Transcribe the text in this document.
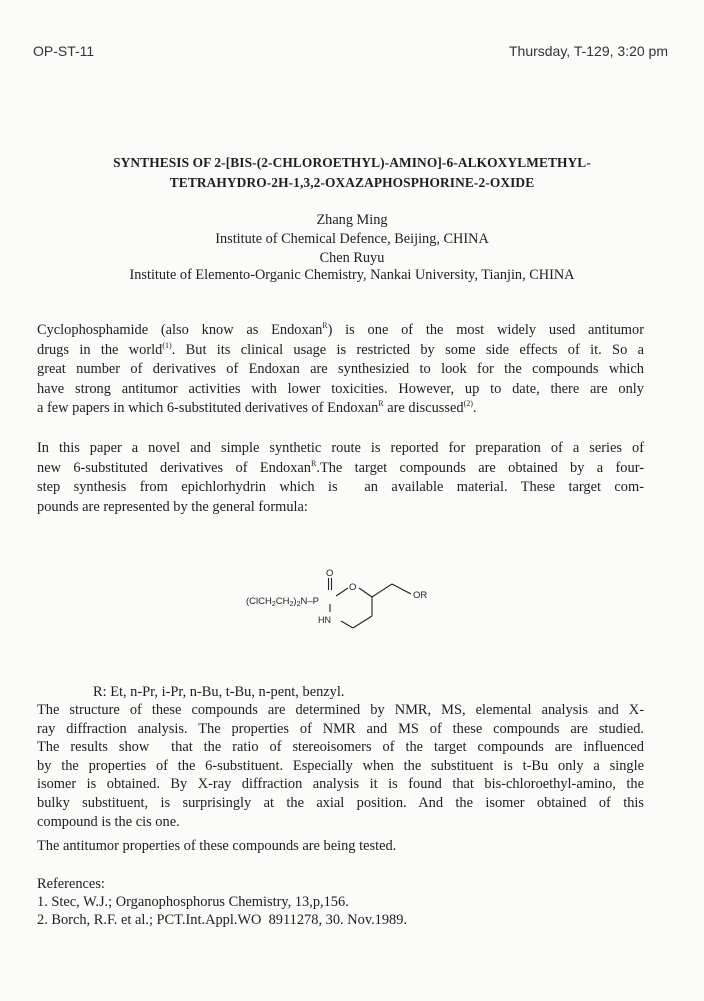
OP-ST-11	Thursday, T-129, 3:20 pm
SYNTHESIS OF 2-[BIS-(2-CHLOROETHYL)-AMINO]-6-ALKOXYLMETHYL-
TETRAHYDRO-2H-1,3,2-OXAZAPHOSPHORINE-2-OXIDE
Zhang Ming
Institute of Chemical Defence, Beijing, CHINA
Chen Ruyu
Institute of Elemento-Organic Chemistry, Nankai University, Tianjin, CHINA
Cyclophosphamide (also know as Endoxan$^R$) is one of the most widely used antitumor
drugs in the world$^{(1)}$. But its clinical usage is restricted by some side effects of it. So a
great number of derivatives of Endoxan are synthesizied to look for the compounds which
have strong antitumor activities with lower toxicities. However, up to date, there are only
a few papers in which 6-substituted derivatives of Endoxan$^R$ are discussed$^{(2)}$.
In this paper a novel and simple synthetic route is reported for preparation of a series of
new 6-substituted derivatives of Endoxan$^R$.The target compounds are obtained by a four-
step synthesis from epichlorhydrin which is  an available material. These target com-
pounds are represented by the general formula:
O
O
OR
HN
$(ClCH_2CH_2)_2N-P$
R: Et, n-Pr, i-Pr, n-Bu, t-Bu, n-pent, benzyl.
The structure of these compounds are determined by NMR, MS, elemental analysis and X-
ray diffraction analysis. The properties of NMR and MS of these compounds are studied.
The results show  that the ratio of stereoisomers of the target compounds are influenced
by the properties of the 6-substituent. Especially when the substituent is t-Bu only a single
isomer is obtained. By X-ray diffraction analysis it is found that bis-chloroethyl-amino, the
bulky substituent, is surprisingly at the axial position. And the isomer obtained of this
compound is the cis one.
The antitumor properties of these compounds are being tested.
References:
1. Stec, W.J.; Organophosphorus Chemistry, 13,p,156.
2. Borch, R.F. et al.; PCT.Int.Appl.WO  8911278, 30. Nov.1989.
